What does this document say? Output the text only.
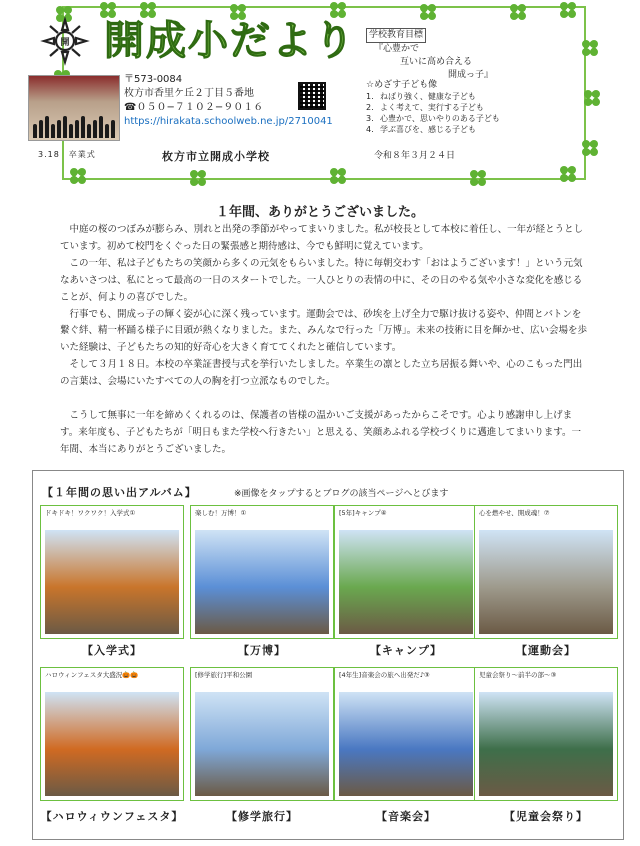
開 開成小だより	学校教育目標
『心豊かで
互いに高め合える
開成っ子』
3.18　卒業式
〒573-0084
枚方市香里ケ丘２丁目５番地
☎０５０−７１０２−９０１６
https://hirakata.schoolweb.ne.jp/2710041
☆めざす子ども像
1. ねばり強く、健康な子ども
2. よく考えて、実行する子ども
3. 心豊かで、思いやりのある子ども
4. 学ぶ喜びを、感じる子ども
枚方市立開成小学校	令和８年３月２４日
１年間、ありがとうございました。

中庭の桜のつぼみが膨らみ、別れと出発の季節がやってまいりました。私が校長として本校に着任し、一年が経とうとしています。初めて校門をくぐった日の緊張感と期待感は、今でも鮮明に覚えています。

この一年、私は子どもたちの笑顔から多くの元気をもらいました。特に毎朝交わす「おはようございます！」という元気なあいさつは、私にとって最高の一日のスタートでした。一人ひとりの表情の中に、その日のやる気や小さな変化を感じることが、何よりの喜びでした。

行事でも、開成っ子の輝く姿が心に深く残っています。運動会では、砂埃を上げ全力で駆け抜ける姿や、仲間とバトンを繋ぐ絆、精一杯踊る様子に目頭が熱くなりました。また、みんなで行った「万博」。未来の技術に目を輝かせ、広い会場を歩いた経験は、子どもたちの知的好奇心を大きく育ててくれたと確信しています。

そして３月１８日。本校の卒業証書授与式を挙行いたしました。卒業生の凛とした立ち居振る舞いや、心のこもった門出の言葉は、会場にいたすべての人の胸を打つ立派なものでした。

こうして無事に一年を締めくくれるのは、保護者の皆様の温かいご支援があったからこそです。心より感謝申し上げます。来年度も、子どもたちが「明日もまた学校へ行きたい」と思える、笑顔あふれる学校づくりに邁進してまいります。一年間、本当にありがとうございました。

【１年間の思い出アルバム】	※画像をタップするとブログの該当ページへとびます
ドキドキ！ワクワク！入学式①
【入学式】
楽しむ！万博！①
【万博】
[5年]キャンプ④
【キャンプ】
心を燃やせ、開成魂！⑦
【運動会】
ハロウィンフェスタ大盛況🎃🎃
【ハロウィウンフェスタ】
[修学旅行]平和公園
【修学旅行】
[4年生]音楽会の旅へ出発だ♪③
【音楽会】
児童会祭り〜前半の部〜③
【児童会祭り】
